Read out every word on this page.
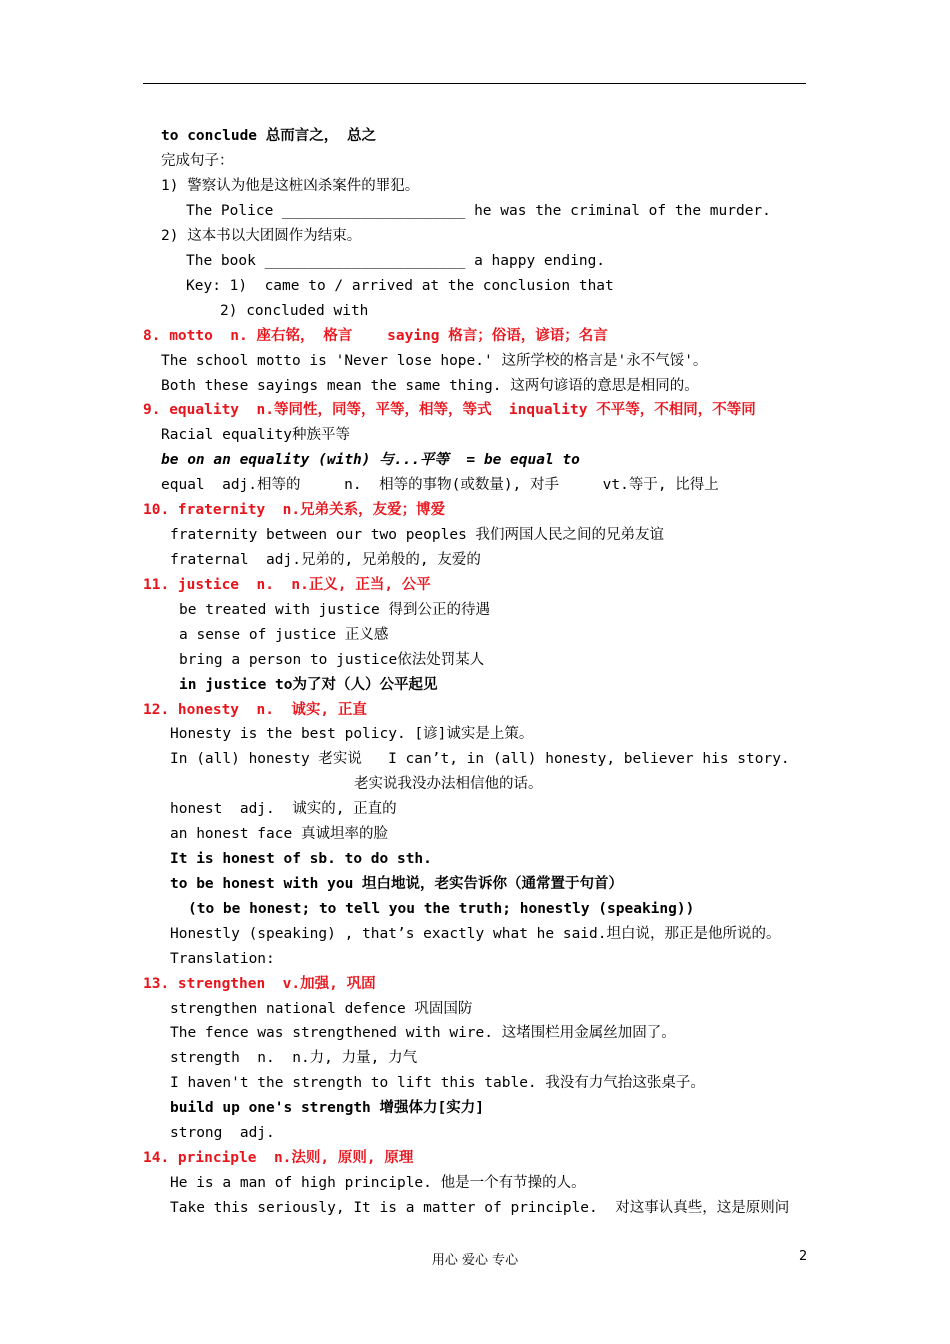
to conclude 总而言之， 总之
完成句子：
1) 警察认为他是这桩凶杀案件的罪犯。
The Police _____________________ he was the criminal of the murder.
2) 这本书以大团圆作为结束。
The book _______________________ a happy ending.
Key: 1)  came to / arrived at the conclusion that
2) concluded with
8. motto  n. 座右铭， 格言    saying 格言；俗语，谚语；名言
The school motto is 'Never lose hope.' 这所学校的格言是'永不气馁'。
Both these sayings mean the same thing. 这两句谚语的意思是相同的。
9. equality  n.等同性，同等，平等，相等，等式  inquality 不平等，不相同，不等同
Racial equality种族平等
be on an equality (with) 与...平等  = be equal to
equal  adj.相等的     n.  相等的事物(或数量), 对手     vt.等于, 比得上
10. fraternity  n.兄弟关系，友爱；博爱
fraternity between our two peoples 我们两国人民之间的兄弟友谊
fraternal  adj.兄弟的, 兄弟般的, 友爱的
11. justice  n.  n.正义, 正当, 公平
be treated with justice 得到公正的待遇
a sense of justice 正义感
bring a person to justice依法处罚某人
in justice to为了对（人）公平起见
12. honesty  n.  诚实, 正直
Honesty is the best policy. [谚]诚实是上策。
In (all) honesty 老实说   I can’t, in (all) honesty, believer his story.
老实说我没办法相信他的话。
honest  adj.  诚实的, 正直的
an honest face 真诚坦率的脸
It is honest of sb. to do sth.
to be honest with you 坦白地说，老实告诉你（通常置于句首）
(to be honest; to tell you the truth; honestly (speaking))
Honestly (speaking) , that’s exactly what he said.坦白说，那正是他所说的。
Translation:
13. strengthen  v.加强, 巩固
strengthen national defence 巩固国防
The fence was strengthened with wire. 这堵围栏用金属丝加固了。
strength  n.  n.力, 力量, 力气
I haven't the strength to lift this table. 我没有力气抬这张桌子。
build up one's strength 增强体力[实力]
strong  adj.
14. principle  n.法则, 原则, 原理
He is a man of high principle. 他是一个有节操的人。
Take this seriously, It is a matter of principle.  对这事认真些，这是原则问
用心 爱心 专心	2
